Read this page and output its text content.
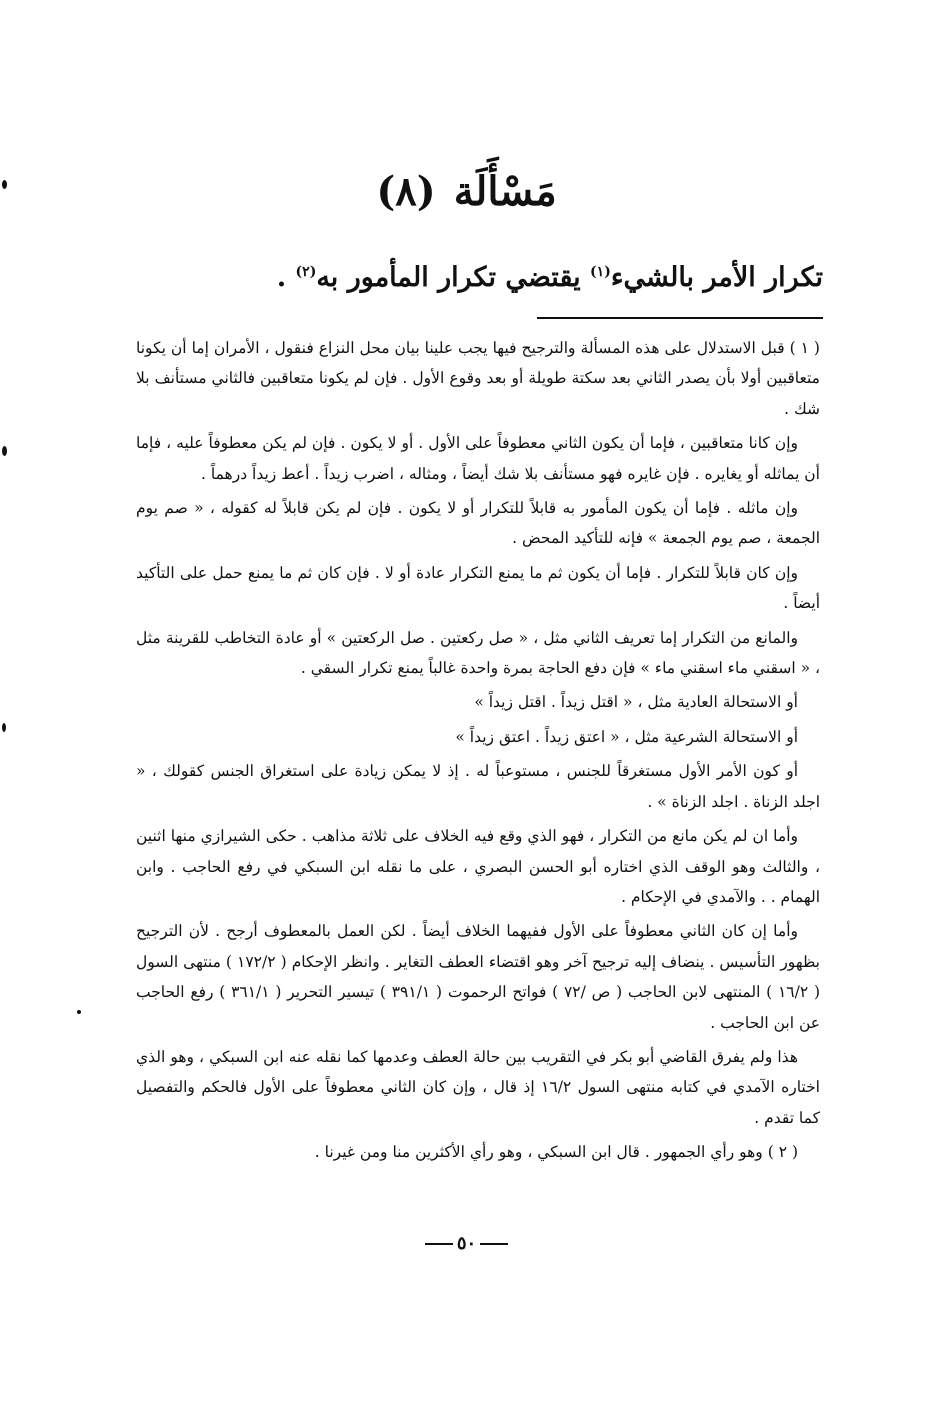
مَسْأَلَة(٨)
تكرار الأمر بالشيء$^{(١)}$ يقتضي تكرار المأمور به$^{(٢)}$ .

( ١ ) قبل الاستدلال على هذه المسألة والترجيح فيها يجب علينا بيان محل النزاع فنقول ، الأمران إما أن يكونا متعاقبين أولا بأن يصدر الثاني بعد سكتة طويلة أو بعد وقوع الأول . فإن لم يكونا متعاقبين فالثاني مستأنف بلا شك .

وإن كانا متعاقبين ، فإما أن يكون الثاني معطوفاً على الأول . أو لا يكون . فإن لم يكن معطوفاً عليه ، فإما أن يماثله أو يغايره . فإن غايره فهو مستأنف بلا شك أيضاً ، ومثاله ، اضرب زيداً . أعط زيداً درهماً .

وإن ماثله . فإما أن يكون المأمور به قابلاً للتكرار أو لا يكون . فإن لم يكن قابلاً له كقوله ، « صم يوم الجمعة ، صم يوم الجمعة » فإنه للتأكيد المحض .

وإن كان قابلاً للتكرار . فإما أن يكون ثم ما يمنع التكرار عادة أو لا . فإن كان ثم ما يمنع حمل على التأكيد أيضاً .

والمانع من التكرار إما تعريف الثاني مثل ، « صل ركعتين . صل الركعتين » أو عادة التخاطب للقرينة مثل ، « اسقني ماء اسقني ماء » فإن دفع الحاجة بمرة واحدة غالباً يمنع تكرار السقي .

أو الاستحالة العادية مثل ، « اقتل زيداً . اقتل زيداً »

أو الاستحالة الشرعية مثل ، « اعتق زيداً . اعتق زيداً »

أو كون الأمر الأول مستغرقاً للجنس ، مستوعباً له . إذ لا يمكن زيادة على استغراق الجنس كقولك ، « اجلد الزناة . اجلد الزناة » .

وأما ان لم يكن مانع من التكرار ، فهو الذي وقع فيه الخلاف على ثلاثة مذاهب . حكى الشيرازي منها اثنين ، والثالث وهو الوقف الذي اختاره أبو الحسن البصري ، على ما نقله ابن السبكي في رفع الحاجب . وابن الهمام . . والآمدي في الإحكام .

وأما إن كان الثاني معطوفاً على الأول ففيهما الخلاف أيضاً . لكن العمل بالمعطوف أرجح . لأن الترجيح بظهور التأسيس . ينضاف إليه ترجيح آخر وهو اقتضاء العطف التغاير . وانظر الإحكام ( ١٧٢/٢ ) منتهى السول ( ١٦/٢ ) المنتهى لابن الحاجب ( ص /٧٢ ) فواتح الرحموت ( ٣٩١/١ ) تيسير التحرير ( ٣٦١/١ ) رفع الحاجب عن ابن الحاجب .

هذا ولم يفرق القاضي أبو بكر في التقريب بين حالة العطف وعدمها كما نقله عنه ابن السبكي ، وهو الذي اختاره الآمدي في كتابه منتهى السول ١٦/٢ إذ قال ، وإن كان الثاني معطوفاً على الأول فالحكم والتفصيل كما تقدم .

( ٢ ) وهو رأي الجمهور . قال ابن السبكي ، وهو رأي الأكثرين منا ومن غيرنا .

٥٠
